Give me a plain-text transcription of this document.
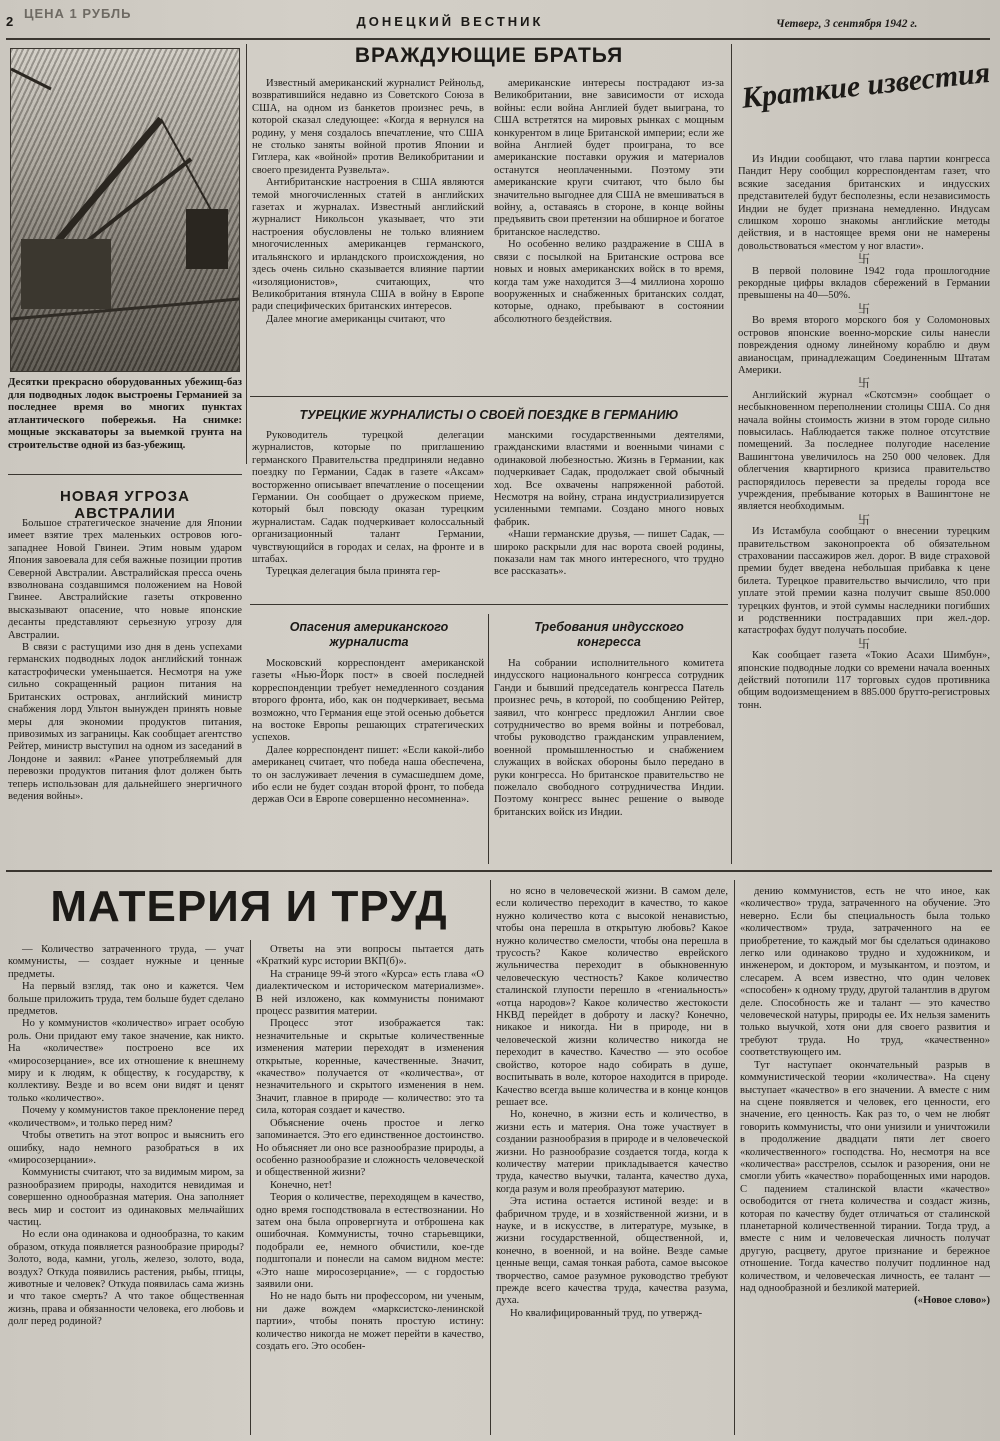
2
ЦЕНА 1 РУБЛЬ
ДОНЕЦКИЙ ВЕСТНИК	Четверг, 3 сентября 1942 г.
Десятки прекрасно оборудованных убежищ-баз для подводных лодок выстроены Германией за последнее время во многих пунктах атлантического побережья. На снимке: мощные экскаваторы за выемкой грунта на строительстве одной из баз-убежищ.
ВРАЖДУЮЩИЕ БРАТЬЯ

Известный американский журналист Рейнольд, возвратившийся недавно из Советского Союза в США, на одном из банкетов произнес речь, в которой сказал следующее: «Когда я вернулся на родину, у меня создалось впечатление, что США не столько заняты войной против Японии и Гитлера, как «войной» против Великобритании и своего президента Рузвельта».

Антибританские настроения в США являются темой многочисленных статей в английских газетах и журналах. Известный английский журналист Никольсон указывает, что эти настроения обусловлены не только влиянием многочисленных американцев германского, итальянского и ирландского происхождения, но здесь очень сильно сказывается влияние партии «изоляционистов», считающих, что Великобритания втянула США в войну в Европе ради специфических британских интересов.

Далее многие американцы считают, что

американские интересы пострадают из-за Великобритании, вне зависимости от исхода войны: если война Англией будет выиграна, то США встретятся на мировых рынках с мощным конкурентом в лице Британской империи; если же война Англией будет проиграна, то все американские поставки оружия и материалов останутся неоплаченными. Поэтому эти американские круги считают, что было бы значительно выгоднее для США не вмешиваться в войну, а, оставаясь в стороне, в конце войны предъявить свои претензии на обширное и богатое британское наследство.

Но особенно велико раздражение в США в связи с посылкой на Британские острова все новых и новых американских войск в то время, когда там уже находится 3—4 миллиона хорошо вооруженных и снабженных британских солдат, которые, однако, пребывают в состоянии абсолютного бездействия.

ТУРЕЦКИЕ ЖУРНАЛИСТЫ О СВОЕЙ ПОЕЗДКЕ В ГЕРМАНИЮ

Руководитель турецкой делегации журналистов, которые по приглашению германского Правительства предприняли недавно поездку по Германии, Садак в газете «Аксам» восторженно описывает впечатление о посещении Германии. Он сообщает о дружеском приеме, который был повсюду оказан турецким журналистам. Садак подчеркивает колоссальный организационный талант Германии, чувствующийся в городах и селах, на фронте и в штабах.

Турецкая делегация была принята гер-

манскими государственными деятелями, гражданскими властями и военными чинами с одинаковой любезностью. Жизнь в Германии, как подчеркивает Садак, продолжает свой обычный ход. Все охвачены напряженной работой. Несмотря на войну, страна индустриализируется усиленными темпами. Создано много новых фабрик.

«Наши германские друзья, — пишет Садак, — широко раскрыли для нас ворота своей родины, показали нам так много интересного, что трудно все рассказать».

Опасения американского журналиста

Московский корреспондент американской газеты «Нью-Йорк пост» в своей последней корреспонденции требует немедленного создания второго фронта, ибо, как он подчеркивает, весьма возможно, что Германия еще этой осенью добьется на востоке Европы решающих стратегических успехов.

Далее корреспондент пишет: «Если какой-либо американец считает, что победа наша обеспечена, то он заслуживает лечения в сумасшедшем доме, ибо если не будет создан второй фронт, то победа держав Оси в Европе совершенно несомненна».

Требования индусского конгресса

На собрании исполнительного комитета индусского национального конгресса сотрудник Ганди и бывший председатель конгресса Патель произнес речь, в которой, по сообщению Рейтер, заявил, что конгресс предложил Англии свое сотрудничество во время войны и потребовал, чтобы руководство гражданским управлением, военной промышленностью и снабжением служащих в войсках обороны было передано в руки конгресса. Но британское правительство не пожелало свободного сотрудничества Индии. Поэтому конгресс вынес решение о выводе британских войск из Индии.

Краткие известия

Из Индии сообщают, что глава партии конгресса Пандит Неру сообщил корреспондентам газет, что всякие заседания британских и индусских представителей будут бесполезны, если независимость Индии не будет признана немедленно. Индусам слишком хорошо знакомы английские методы действия, и в настоящее время они не намерены довольствоваться «местом у ног власти».

卐

В первой половине 1942 года прошлогодние рекордные цифры вкладов сбережений в Германии превышены на 40—50%.

卐

Во время второго морского боя у Соломоновых островов японские военно-морские силы нанесли повреждения одному линейному кораблю и двум авианосцам, принадлежащим Соединенным Штатам Америки.

卐

Английский журнал «Скотсмэн» сообщает о несбыкновенном переполнении столицы США. Со дня начала войны стоимость жизни в этом городе сильно повысилась. Наблюдается также полное отсутствие помещений. За последнее полугодие население Вашингтона увеличилось на 250 000 человек. Для облегчения квартирного кризиса правительство распорядилось перевести за пределы города все учреждения, пребывание которых в Вашингтоне не является необходимым.

卐

Из Истамбула сообщают о внесении турецким правительством законопроекта об обязательном страховании пассажиров жел. дорог. В виде страховой премии будет введена небольшая прибавка к цене билета. Турецкое правительство вычислило, что при уплате этой премии казна получит свыше 850.000 турецких фунтов, и этой суммы наследники погибших и родственники пострадавших при жел.-дор. катастрофах будут получать пособие.

卐

Как сообщает газета «Токио Асахи Шимбун», японские подводные лодки со времени начала военных действий потопили 117 торговых судов противника общим водоизмещением в 885.000 брутто-регистровых тонн.

НОВАЯ УГРОЗА АВСТРАЛИИ

Большое стратегическое значение для Японии имеет взятие трех маленьких островов юго-западнее Новой Гвинеи. Этим новым ударом Япония завоевала для себя важные позиции против Северной Австралии. Австралийская пресса очень взволнована создавшимся положением на Новой Гвинее. Австралийские газеты откровенно высказывают опасение, что новые японские десанты представляют серьезную угрозу для Австралии.

В связи с растущими изо дня в день успехами германских подводных лодок английский тоннаж катастрофически уменьшается. Несмотря на уже сильно сокращенный рацион питания на Британских островах, английский министр снабжения лорд Ультон вынужден принять новые меры для экономии продуктов питания, привозимых из заграницы. Как сообщает агентство Рейтер, министр выступил на одном из заседаний в Лондоне и заявил: «Ранее употребляемый для перевозки продуктов питания флот должен быть теперь использован для дальнейшего энергичного ведения войны».

МАТЕРИЯ И ТРУД

— Количество затраченного труда, — учат коммунисты, — создает нужные и ценные предметы.

На первый взгляд, так оно и кажется. Чем больше приложить труда, тем больше будет сделано предметов.

Но у коммунистов «количество» играет особую роль. Они придают ему такое значение, как никто. На «количестве» построено все их «миросозерцание», все их отношение к внешнему миру и к людям, к обществу, к государству, к коллективу. Везде и во всем они видят и ценят только «количество».

Почему у коммунистов такое преклонение перед «количеством», и только перед ним?

Чтобы ответить на этот вопрос и выяснить его ошибку, надо немного разобраться в их «миросозерцании».

Коммунисты считают, что за видимым миром, за разнообразием природы, находится невидимая и совершенно однообразная материя. Она заполняет весь мир и состоит из одинаковых мельчайших частиц.

Но если она одинакова и однообразна, то каким образом, откуда появляется разнообразие природы? Золото, вода, камни, уголь, железо, золото, вода, воздух? Откуда появились растения, рыбы, птицы, животные и человек? Откуда появилась сама жизнь и что такое смерть? А что такое общественная жизнь, права и обязанности человека, его любовь и долг перед родиной?

Ответы на эти вопросы пытается дать «Краткий курс истории ВКП(б)».

На странице 99-й этого «Курса» есть глава «О диалектическом и историческом материализме». В ней изложено, как коммунисты понимают процесс развития материи.

Процесс этот изображается так: незначительные и скрытые количественные изменения материи переходят в изменения открытые, коренные, качественные. Значит, «качество» получается от «количества», от незначительного и скрытого изменения в нем. Значит, главное в природе — количество: это та сила, которая создает и качество.

Объяснение очень простое и легко запоминается. Это его единственное достоинство. Но объясняет ли оно все разнообразие природы, а особенно разнообразие и сложность человеческой и общественной жизни?

Конечно, нет!

Теория о количестве, переходящем в качество, одно время господствовала в естествознании. Но затем она была опровергнута и отброшена как ошибочная. Коммунисты, точно старьевщики, подобрали ее, немного обчистили, кое-где подштопали и понесли на самом видном месте: «Это наше миросозерцание», — с гордостью заявили они.

Но не надо быть ни профессором, ни ученым, ни даже вождем «марксистско-ленинской партии», чтобы понять простую истину: количество никогда не может перейти в качество, создать его. Это особен-

но ясно в человеческой жизни. В самом деле, если количество переходит в качество, то какое нужно количество кота с высокой ненавистью, чтобы она перешла в открытую любовь? Какое нужно количество смелости, чтобы она перешла в трусость? Какое количество еврейского жульничества переходит в обыкновенную человеческую честность? Какое количество сталинской глупости перешло в «гениальность» «отца народов»? Какое количество жестокости НКВД перейдет в доброту и ласку? Конечно, никакое и никогда. Ни в природе, ни в человеческой жизни количество никогда не переходит в качество. Качество — это особое свойство, которое надо собирать в душе, воспитывать в воле, которое находится в природе. Качество всегда выше количества и в конце концов решает все.

Но, конечно, в жизни есть и количество, в жизни есть и материя. Она тоже участвует в создании разнообразия в природе и в человеческой жизни. Но разнообразие создается тогда, когда к количеству материи прикладывается качество труда, качество выучки, таланта, качество духа, когда разум и воля преобразуют материю.

Эта истина остается истиной везде: и в фабричном труде, и в хозяйственной жизни, и в науке, и в искусстве, в литературе, музыке, в жизни государственной, общественной, и, конечно, в военной, и на войне. Везде самые ценные вещи, самая тонкая работа, самое высокое творчество, самое разумное руководство требуют прежде всего качества труда, качества разума, духа.

Но квалифицированный труд, по утвержд-

дению коммунистов, есть не что иное, как «количество» труда, затраченного на обучение. Это неверно. Если бы специальность была только «количеством» труда, затраченного на ее приобретение, то каждый мог бы сделаться одинаково легко или одинаково трудно и художником, и инженером, и доктором, и музыкантом, и поэтом, и слесарем. А всем известно, что один человек «способен» к одному труду, другой талантлив в другом деле. Способность же и талант — это качество человеческой натуры, природы ее. Их нельзя заменить только выучкой, хотя они для своего развития и требуют труда. Но труд, «качественно» соответствующего им.

Тут наступает окончательный разрыв в коммунистической теории «количества». На сцену выступает «качество» в его значении. А вместе с ним на сцене появляется и человек, его ценности, его значение, его ценность. Как раз то, о чем не любят говорить коммунисты, что они унизили и уничтожили в продолжение двадцати пяти лет своего «количественного» господства. Но, несмотря на все «количества» расстрелов, ссылок и разорения, они не смогли убить «качество» порабощенных ими народов. С падением сталинской власти «качество» освободится от гнета количества и создаст жизнь, которая по качеству будет отличаться от сталинской планетарной количественной тирании. Тогда труд, а вместе с ним и человеческая личность получат другую, расцвету, другое признание и бережное отношение. Тогда качество получит подлинное над количеством, и человеческая личность, ее талант — над однообразной и безликой материей.

(«Новое слово»)
